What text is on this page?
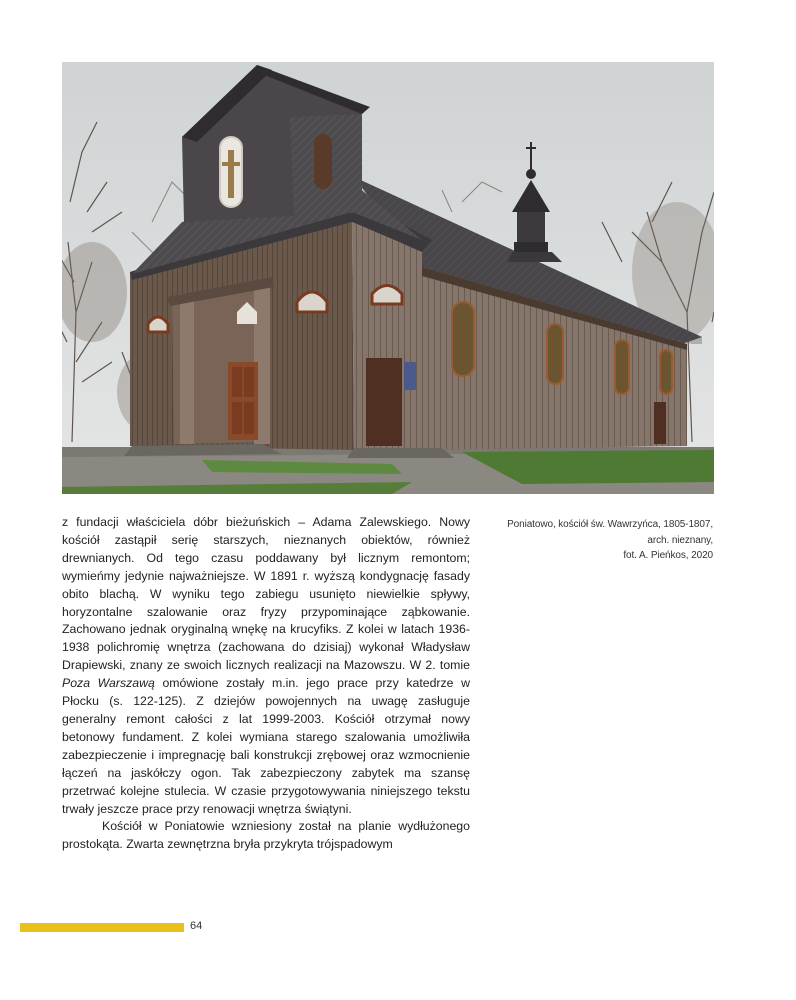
z fundacji właściciela dóbr bieżuńskich – Adama Zalewskiego. Nowy kościół zastąpił serię starszych, nieznanych obiektów, również drewnianych. Od tego czasu poddawany był licznym remontom; wymieńmy jedynie najważniejsze. W 1891 r. wyższą kondygnację fasady obito blachą. W wyniku tego zabiegu usunięto niewielkie spływy, horyzontalne szalowanie oraz fryzy przypominające ząbkowanie. Zachowano jednak oryginalną wnękę na krucyfiks. Z kolei w latach 1936-1938 polichromię wnętrza (zachowana do dzisiaj) wykonał Władysław Drapiewski, znany ze swoich licznych realizacji na Mazowszu. W 2. tomie Poza Warszawą omówione zostały m.in. jego prace przy katedrze w Płocku (s. 122-125). Z dziejów powojennych na uwagę zasługuje generalny remont całości z lat 1999-2003. Kościół otrzymał nowy betonowy fundament. Z kolei wymiana starego szalowania umożliwiła zabezpieczenie i impregnację bali konstrukcji zrębowej oraz wzmocnienie łączeń na jaskółczy ogon. Tak zabezpieczony zabytek ma szansę przetrwać kolejne stulecia. W czasie przygotowywania niniejszego tekstu trwały jeszcze prace przy renowacji wnętrza świątyni.

Kościół w Poniatowie wzniesiony został na planie wydłużonego prostokąta. Zwarta zewnętrzna bryła przykryta trójspadowym

Poniatowo, kościół św. Wawrzyńca, 1805-1807,
arch. nieznany,
fot. A. Pieńkos, 2020
64
